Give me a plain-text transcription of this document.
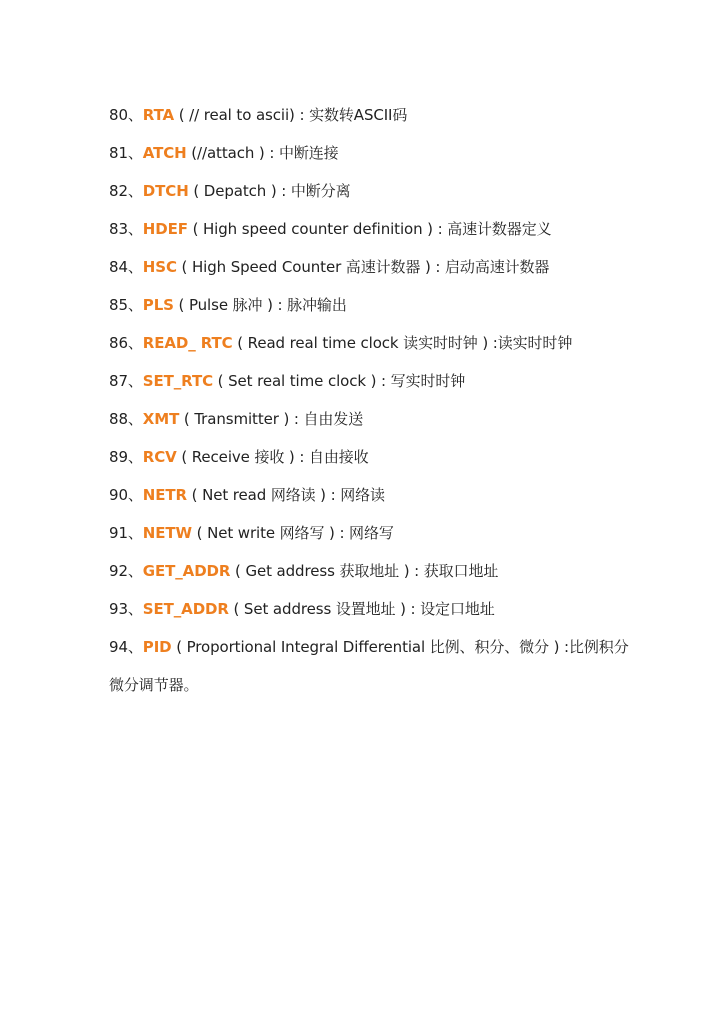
80、RTA ( // real to ascii) : 实数转ASCII码
81、ATCH (//attach ) : 中断连接
82、DTCH ( Depatch ) : 中断分离
83、HDEF ( High speed counter definition ) : 高速计数器定义
84、HSC ( High Speed Counter 高速计数器 ) : 启动高速计数器
85、PLS ( Pulse 脉冲 ) : 脉冲输出
86、READ_ RTC ( Read real time clock 读实时时钟 ) :读实时时钟
87、SET_RTC ( Set real time clock ) : 写实时时钟
88、XMT ( Transmitter ) : 自由发送
89、RCV ( Receive 接收 ) : 自由接收
90、NETR ( Net read 网络读 ) : 网络读
91、NETW ( Net write 网络写 ) : 网络写
92、GET_ADDR ( Get address 获取地址 ) : 获取口地址
93、SET_ADDR ( Set address 设置地址 ) : 设定口地址
94、PID ( Proportional Integral Differential 比例、积分、微分 ) :比例积分
微分调节器。
